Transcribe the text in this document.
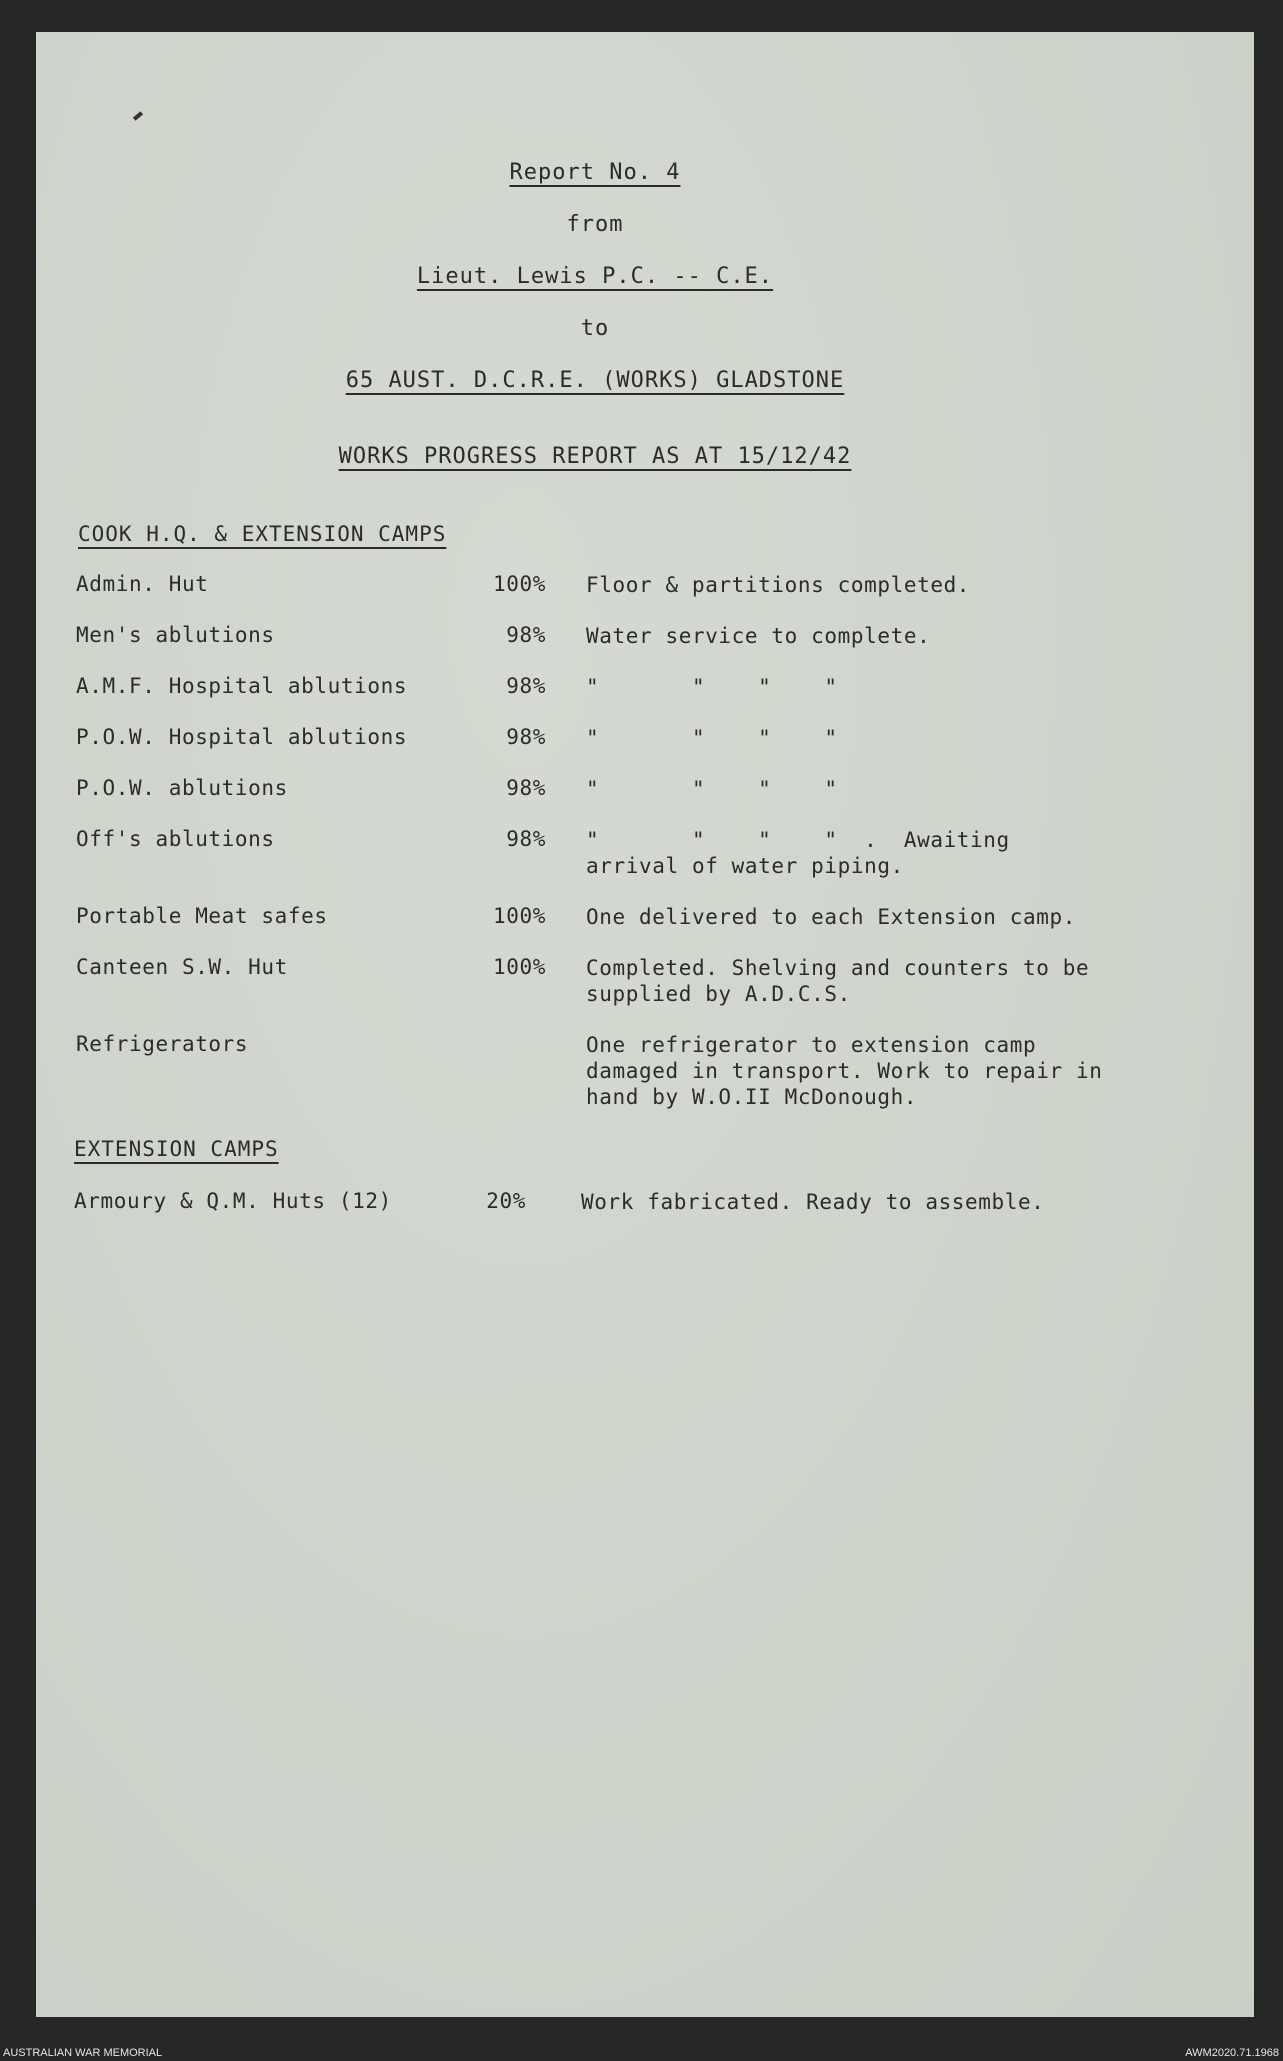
Report No. 4
from
Lieut. Lewis P.C. -- C.E.
to
65 AUST. D.C.R.E. (WORKS) GLADSTONE
WORKS PROGRESS REPORT AS AT 15/12/42
COOK H.Q. & EXTENSION CAMPS
Admin. Hut	100% Floor & partitions completed.
Men's ablutions	98% Water service to complete.
A.M.F. Hospital ablutions	98% "       "    "    "
P.O.W. Hospital ablutions	98% "       "    "    "
P.O.W. ablutions	98% "       "    "    "
Off's ablutions	98% "       "    "    "  .  Awaiting
arrival of water piping.
Portable Meat safes	100% One delivered to each Extension camp.
Canteen S.W. Hut	100% Completed. Shelving and counters to be
supplied by A.D.C.S.
Refrigerators	One refrigerator to extension camp
damaged in transport. Work to repair in
hand by W.O.II McDonough.
EXTENSION CAMPS
Armoury & Q.M. Huts (12)	20%	Work fabricated. Ready to assemble.
AUSTRALIAN WAR MEMORIAL	AWM2020.71.1968
